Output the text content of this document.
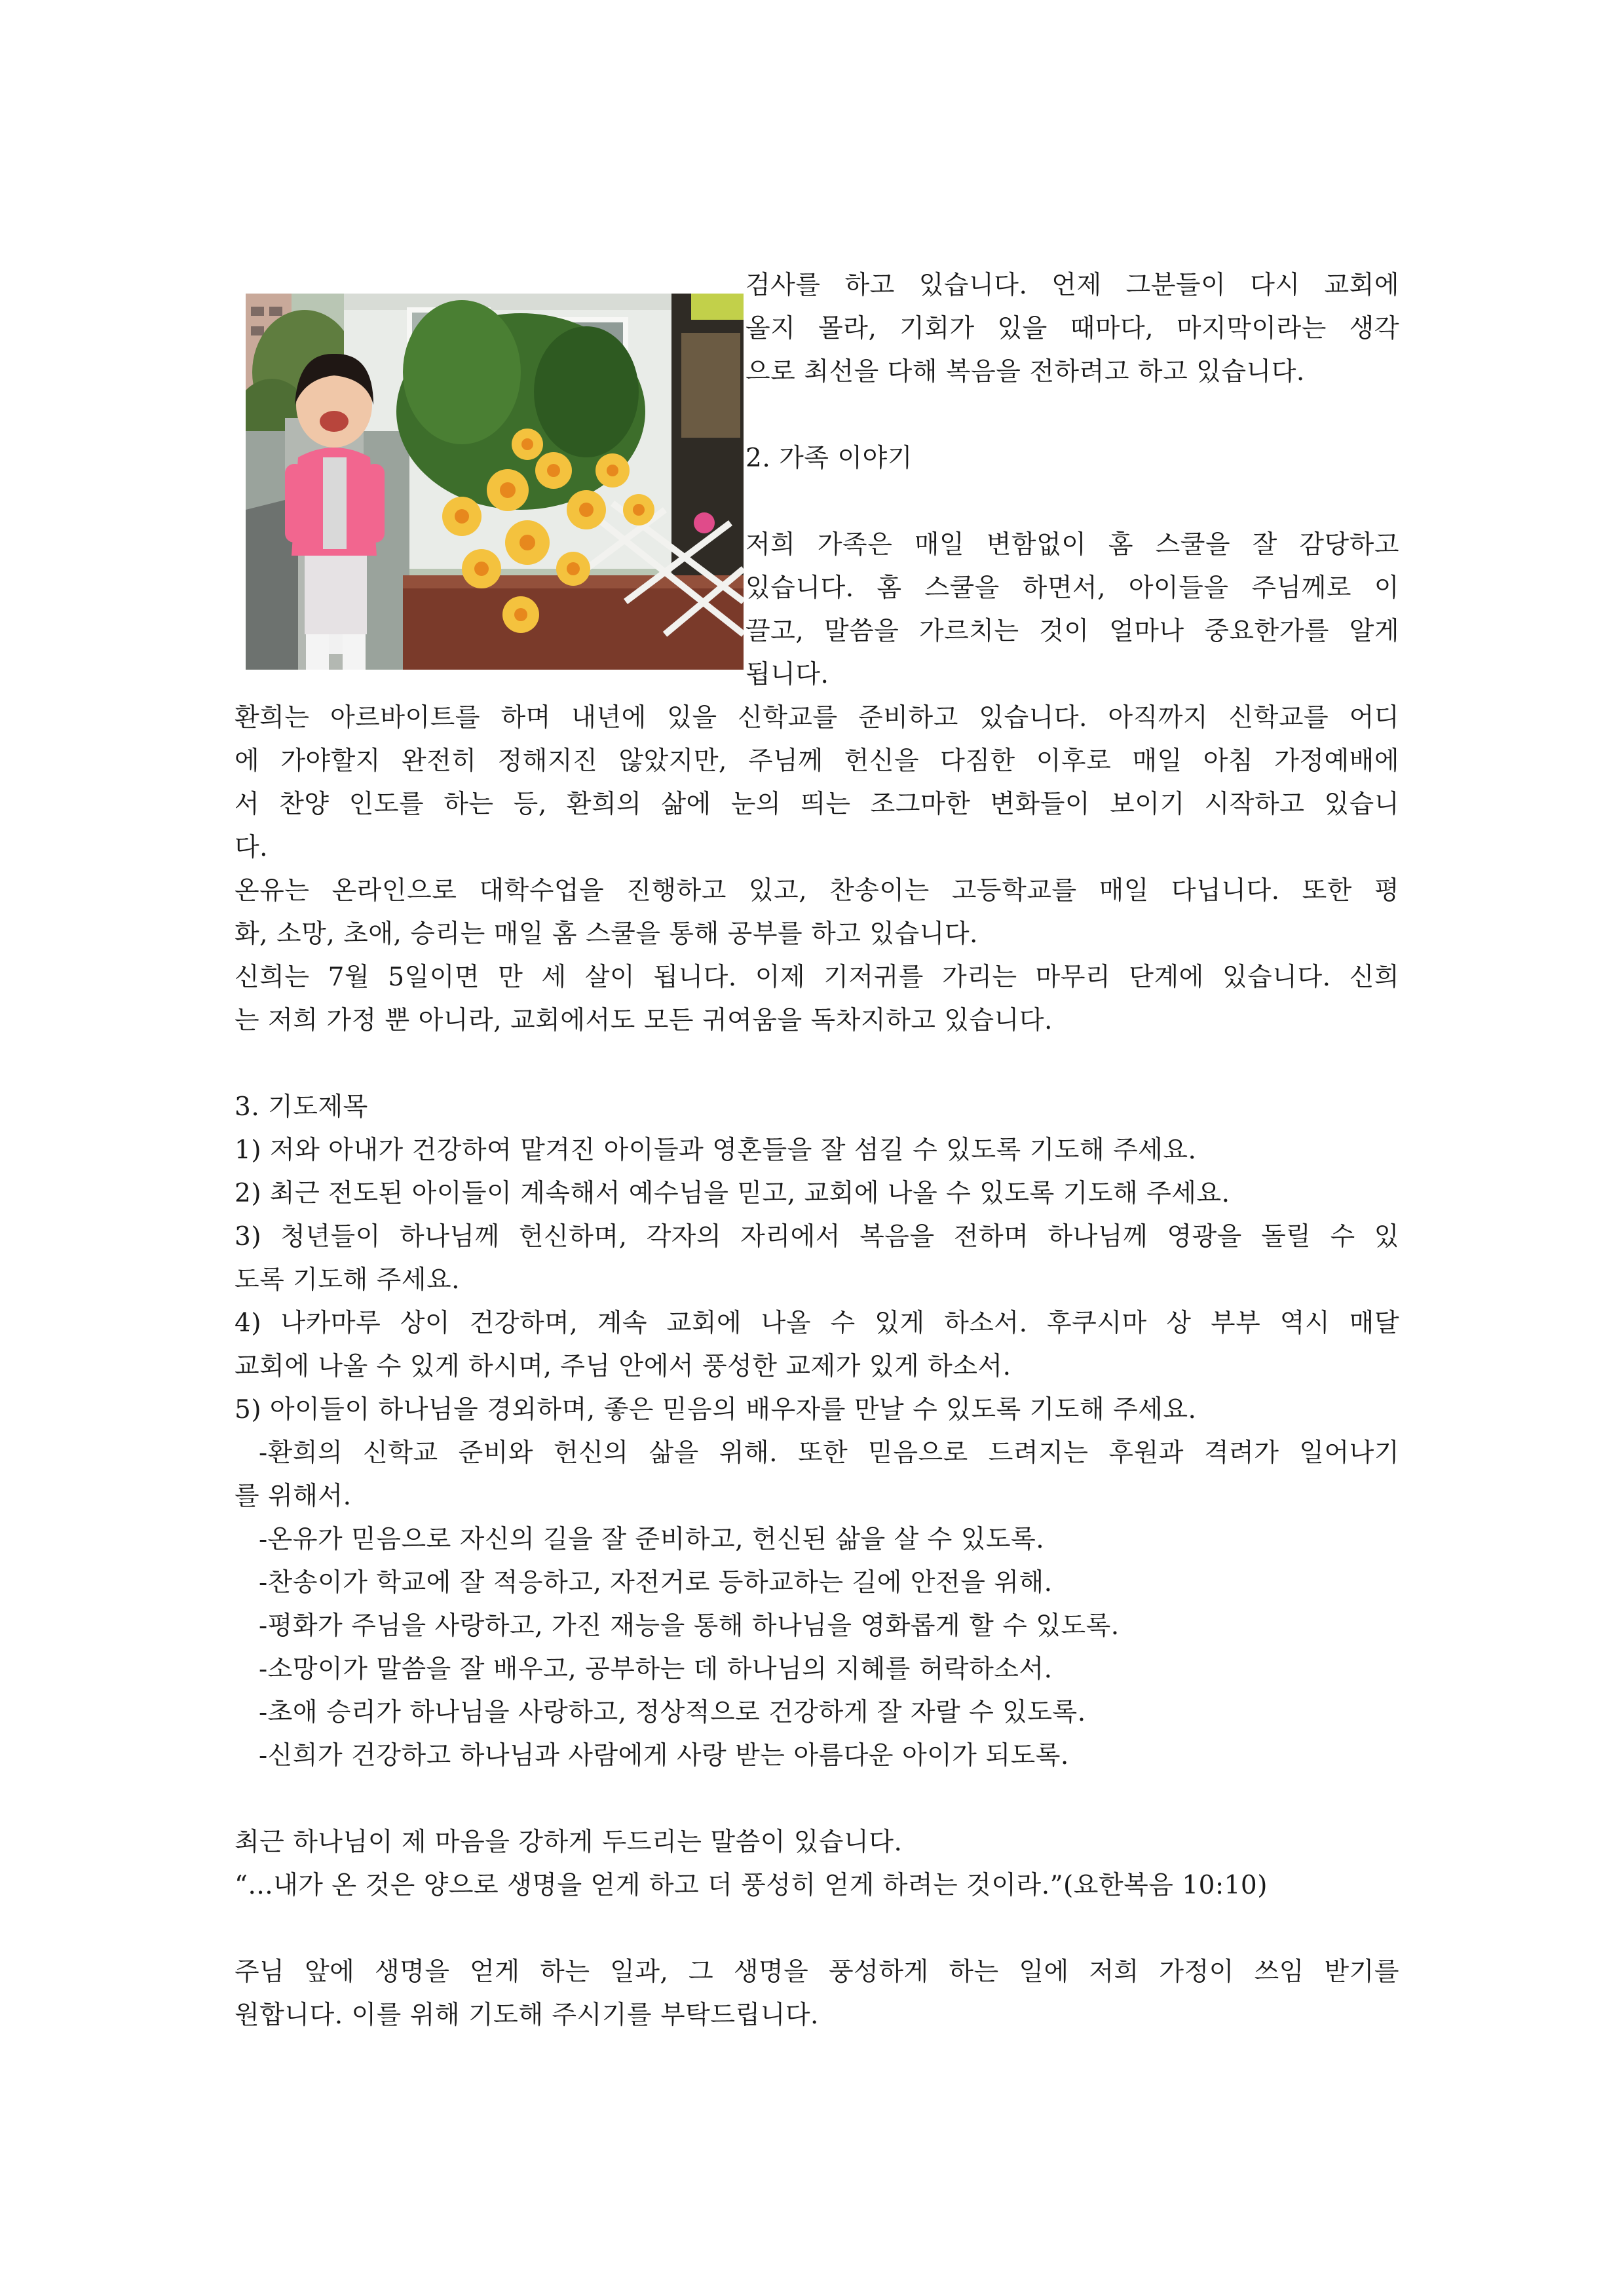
검사를 하고 있습니다. 언제 그분들이 다시 교회에
올지 몰라, 기회가 있을 때마다, 마지막이라는 생각
으로 최선을 다해 복음을 전하려고 하고 있습니다.
2. 가족 이야기
저희 가족은 매일 변함없이 홈 스쿨을 잘 감당하고
있습니다. 홈 스쿨을 하면서, 아이들을 주님께로 이
끌고, 말씀을 가르치는 것이 얼마나 중요한가를 알게
됩니다.
환희는 아르바이트를 하며 내년에 있을 신학교를 준비하고 있습니다. 아직까지 신학교를 어디
에 가야할지 완전히 정해지진 않았지만, 주님께 헌신을 다짐한 이후로 매일 아침 가정예배에
서 찬양 인도를 하는 등, 환희의 삶에 눈의 띄는 조그마한 변화들이 보이기 시작하고 있습니
다.
온유는 온라인으로 대학수업을 진행하고 있고, 찬송이는 고등학교를 매일 다닙니다. 또한 평
화, 소망, 초애, 승리는 매일 홈 스쿨을 통해 공부를 하고 있습니다.
신희는 7월 5일이면 만 세 살이 됩니다. 이제 기저귀를 가리는 마무리 단계에 있습니다. 신희
는 저희 가정 뿐 아니라, 교회에서도 모든 귀여움을 독차지하고 있습니다.
3. 기도제목
1) 저와 아내가 건강하여 맡겨진 아이들과 영혼들을 잘 섬길 수 있도록 기도해 주세요.
2) 최근 전도된 아이들이 계속해서 예수님을 믿고, 교회에 나올 수 있도록 기도해 주세요.
3) 청년들이 하나님께 헌신하며, 각자의 자리에서 복음을 전하며 하나님께 영광을 돌릴 수 있
도록 기도해 주세요.
4) 나카마루 상이 건강하며, 계속 교회에 나올 수 있게 하소서. 후쿠시마 상 부부 역시 매달
교회에 나올 수 있게 하시며, 주님 안에서 풍성한 교제가 있게 하소서.
5) 아이들이 하나님을 경외하며, 좋은 믿음의 배우자를 만날 수 있도록 기도해 주세요.
-환희의 신학교 준비와 헌신의 삶을 위해. 또한 믿음으로 드려지는 후원과 격려가 일어나기
를 위해서.
-온유가 믿음으로 자신의 길을 잘 준비하고, 헌신된 삶을 살 수 있도록.
-찬송이가 학교에 잘 적응하고, 자전거로 등하교하는 길에 안전을 위해.
-평화가 주님을 사랑하고, 가진 재능을 통해 하나님을 영화롭게 할 수 있도록.
-소망이가 말씀을 잘 배우고, 공부하는 데 하나님의 지혜를 허락하소서.
-초애 승리가 하나님을 사랑하고, 정상적으로 건강하게 잘 자랄 수 있도록.
-신희가 건강하고 하나님과 사람에게 사랑 받는 아름다운 아이가 되도록.
최근 하나님이 제 마음을 강하게 두드리는 말씀이 있습니다.
“...내가 온 것은 양으로 생명을 얻게 하고 더 풍성히 얻게 하려는 것이라.”(요한복음 10:10)
주님 앞에 생명을 얻게 하는 일과, 그 생명을 풍성하게 하는 일에 저희 가정이 쓰임 받기를
원합니다. 이를 위해 기도해 주시기를 부탁드립니다.
